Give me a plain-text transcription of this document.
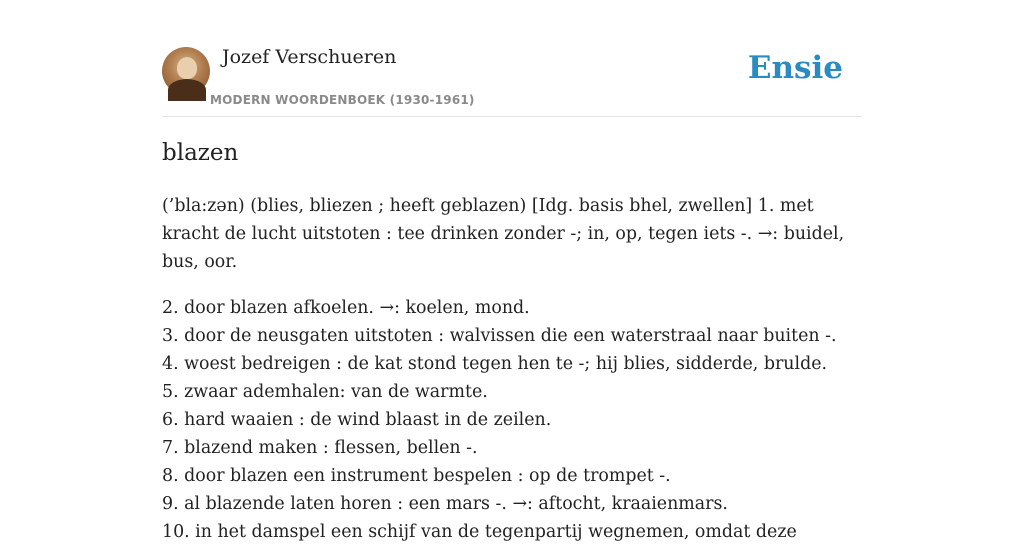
Jozef Verschueren
MODERN WOORDENBOEK (1930-1961)
Ensie
blazen

(’bla:zən) (blies, bliezen ; heeft geblazen) [Idg. basis bhel, zwellen] 1. met kracht de lucht uitstoten : tee drinken zonder -; in, op, tegen iets -. →: buidel, bus, oor.

2. door blazen afkoelen. →: koelen, mond.
3. door de neusgaten uitstoten : walvissen die een waterstraal naar buiten -.
4. woest bedreigen : de kat stond tegen hen te -; hij blies, sidderde, brulde.
5. zwaar ademhalen: van de warmte.
6. hard waaien : de wind blaast in de zeilen.
7. blazend maken : flessen, bellen -.
8. door blazen een instrument bespelen : op de trompet -.
9. al blazende laten horen : een mars -. →: aftocht, kraaienmars.
10. in het damspel een schijf van de tegenpartij wegnemen, omdat deze
